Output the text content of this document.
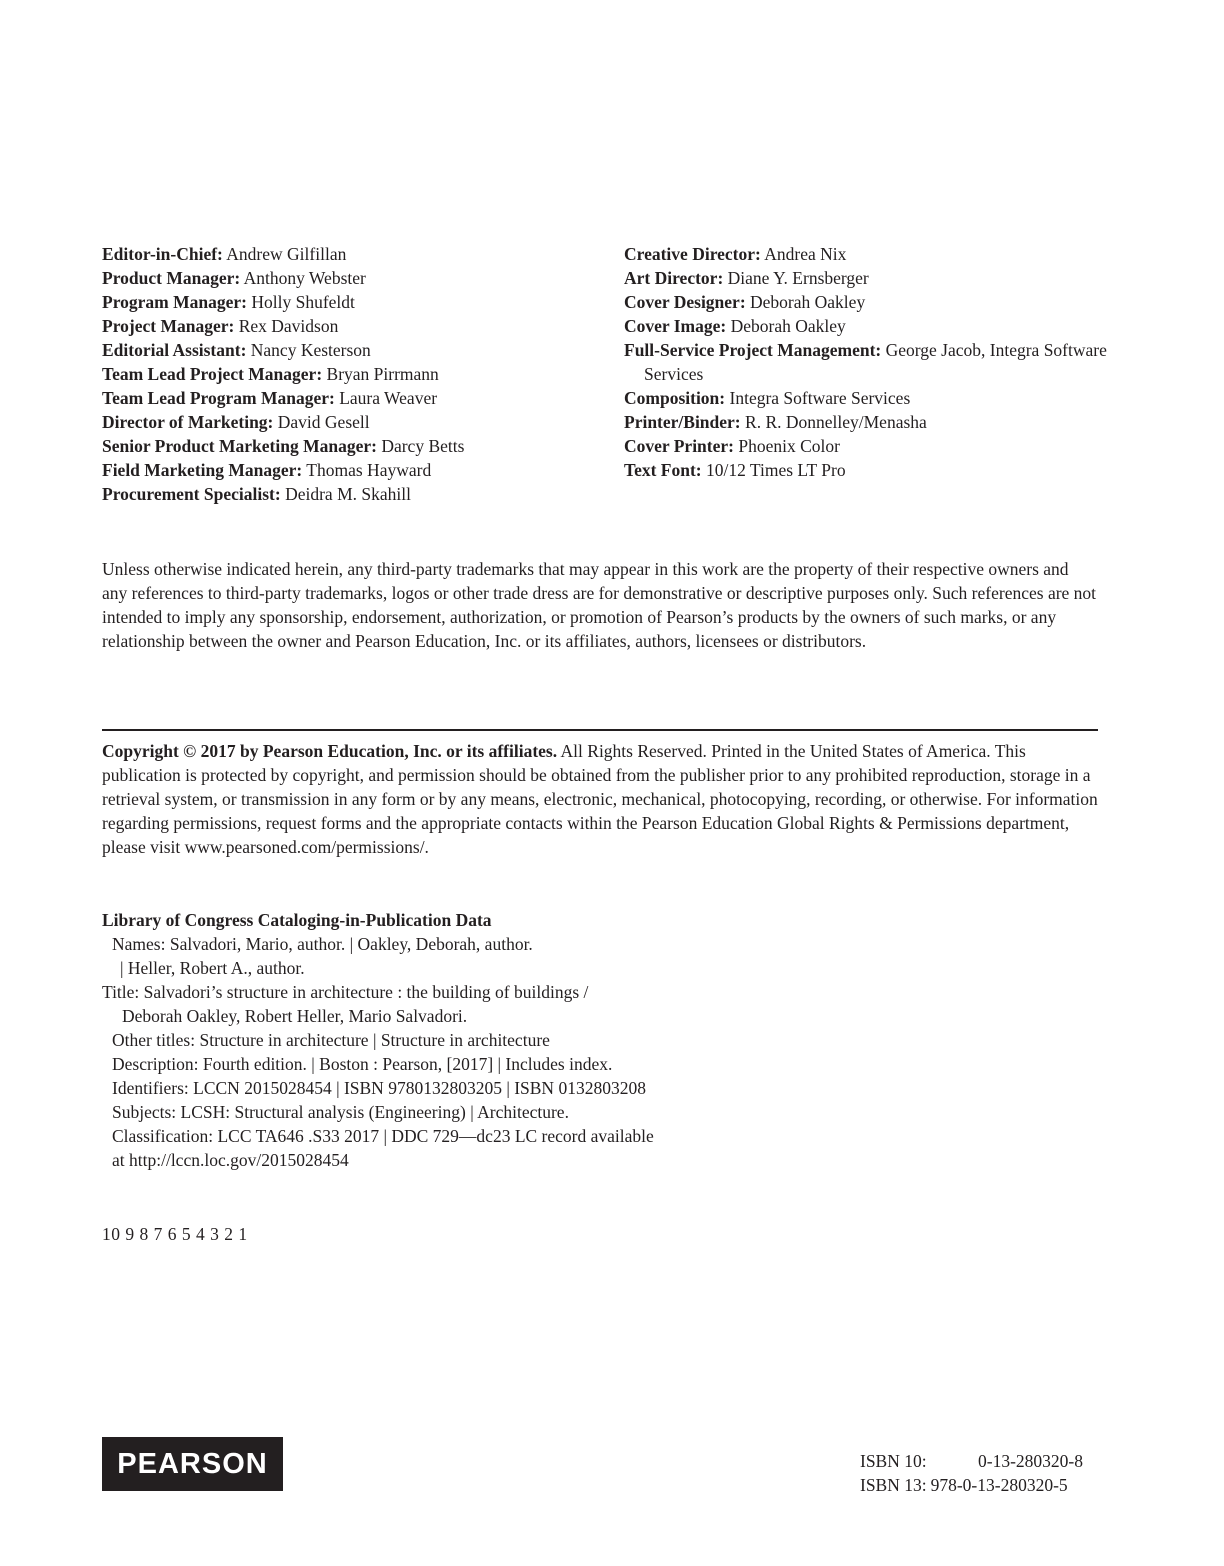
Editor-in-Chief: Andrew Gilfillan

Product Manager: Anthony Webster

Program Manager: Holly Shufeldt

Project Manager: Rex Davidson

Editorial Assistant: Nancy Kesterson

Team Lead Project Manager: Bryan Pirrmann

Team Lead Program Manager: Laura Weaver

Director of Marketing: David Gesell

Senior Product Marketing Manager: Darcy Betts

Field Marketing Manager: Thomas Hayward

Procurement Specialist: Deidra M. Skahill

Creative Director: Andrea Nix

Art Director: Diane Y. Ernsberger

Cover Designer: Deborah Oakley

Cover Image: Deborah Oakley

Full-Service Project Management: George Jacob, Integra Software Services

Composition: Integra Software Services

Printer/Binder: R. R. Donnelley/Menasha

Cover Printer: Phoenix Color

Text Font: 10/12 Times LT Pro

Unless otherwise indicated herein, any third-party trademarks that may appear in this work are the property of their respective owners and any references to third-party trademarks, logos or other trade dress are for demonstrative or descriptive purposes only. Such references are not intended to imply any sponsorship, endorsement, authorization, or promotion of Pearson’s products by the owners of such marks, or any relationship between the owner and Pearson Education, Inc. or its affiliates, authors, licensees or distributors.

Copyright © 2017 by Pearson Education, Inc. or its affiliates. All Rights Reserved. Printed in the United States of America. This publication is protected by copyright, and permission should be obtained from the publisher prior to any prohibited reproduction, storage in a retrieval system, or transmission in any form or by any means, electronic, mechanical, photocopying, recording, or otherwise. For information regarding permissions, request forms and the appropriate contacts within the Pearson Education Global Rights & Permissions department, please visit www.pearsoned.com/permissions/.

Library of Congress Cataloging-in-Publication Data

Names: Salvadori, Mario, author. | Oakley, Deborah, author.

| Heller, Robert A., author.

Title: Salvadori’s structure in architecture : the building of buildings /

Deborah Oakley, Robert Heller, Mario Salvadori.

Other titles: Structure in architecture | Structure in architecture

Description: Fourth edition. | Boston : Pearson, [2017] | Includes index.

Identifiers: LCCN 2015028454 | ISBN 9780132803205 | ISBN 0132803208

Subjects: LCSH: Structural analysis (Engineering) | Architecture.

Classification: LCC TA646 .S33 2017 | DDC 729—dc23 LC record available

at http://lccn.loc.gov/2015028454

10 9 8 7 6 5 4 3 2 1

PEARSON	ISBN 10:	0-13-280320-8

ISBN 13: 978-0-13-280320-5
